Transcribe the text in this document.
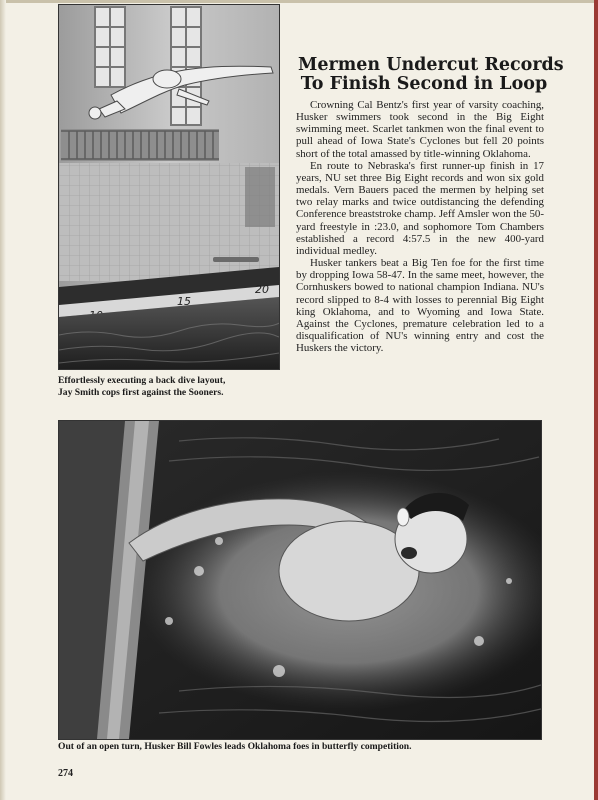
15
20

Effortlessly executing a back dive layout,
Jay Smith cops first against the Sooners.

Mermen Undercut Records
To Finish Second in Loop

Crowning Cal Bentz's first year of varsity coaching, Husker swimmers took second in the Big Eight swimming meet. Scarlet tankmen won the final event to pull ahead of Iowa State's Cyclones but fell 20 points short of the total amassed by title-winning Oklahoma.

En route to Nebraska's first runner-up finish in 17 years, NU set three Big Eight records and won six gold medals. Vern Bauers paced the mermen by helping set two relay marks and twice outdistancing the defending Conference breaststroke champ. Jeff Amsler won the 50-yard freestyle in :23.0, and sophomore Tom Chambers established a record 4:57.5 in the new 400-yard individual medley.

Husker tankers beat a Big Ten foe for the first time by dropping Iowa 58-47. In the same meet, however, the Cornhuskers bowed to national champion Indiana. NU's record slipped to 8-4 with losses to perennial Big Eight king Oklahoma, and to Wyoming and Iowa State. Against the Cyclones, premature celebration led to a disqualification of NU's winning entry and cost the Huskers the victory.

Out of an open turn, Husker Bill Fowles leads Oklahoma foes in butterfly competition.

274
